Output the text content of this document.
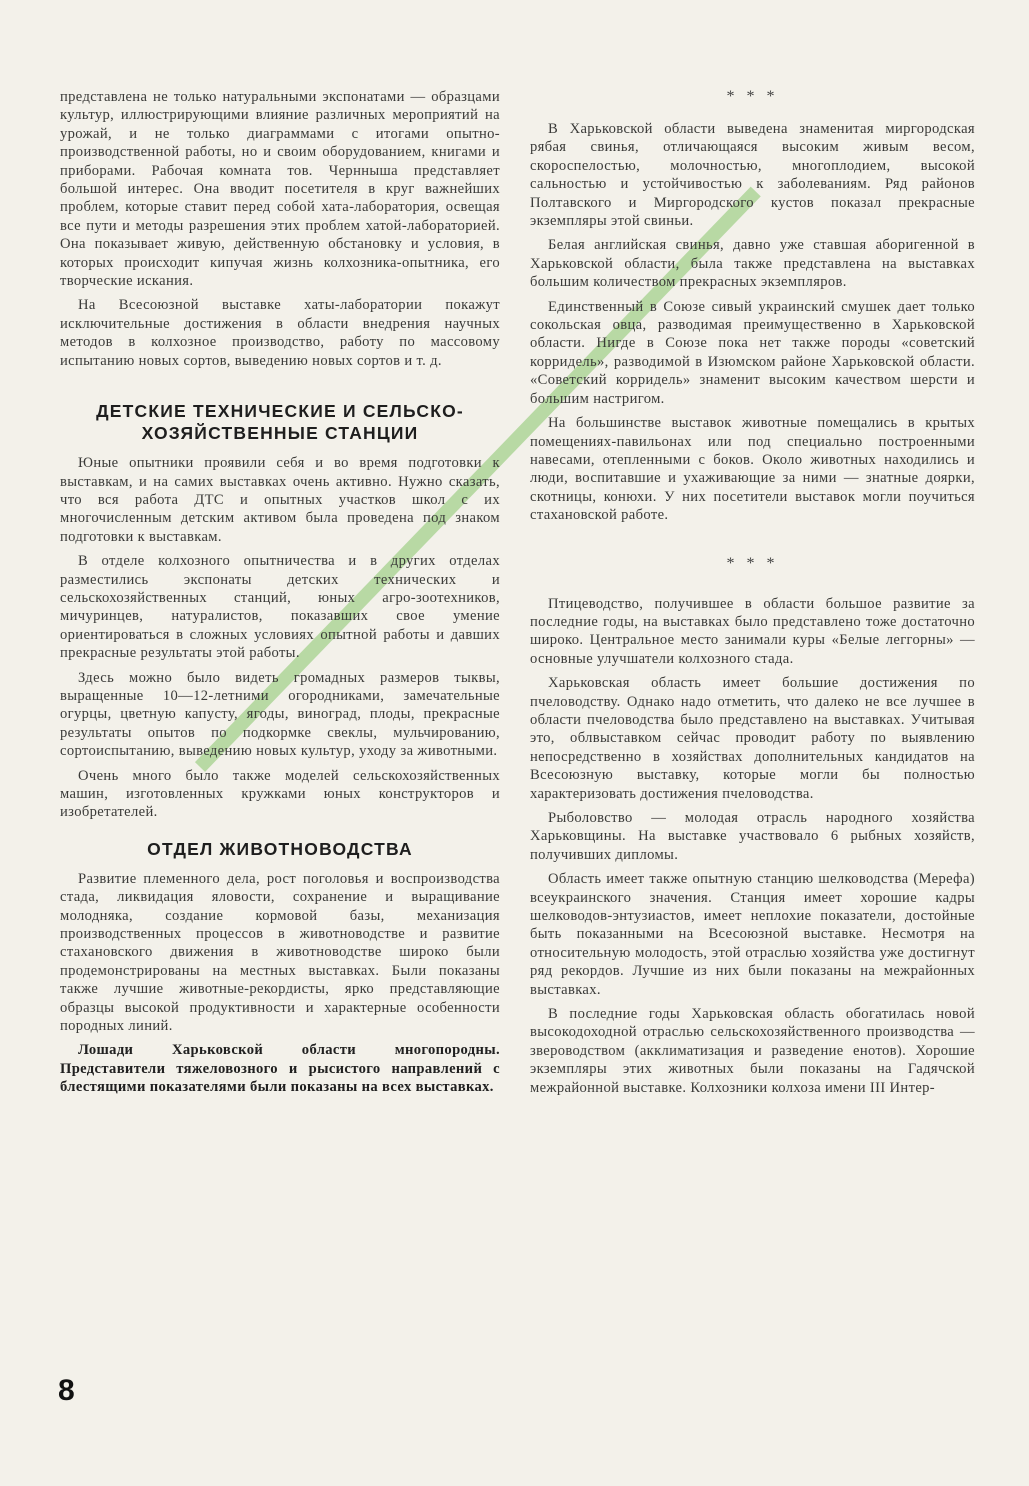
представлена не только натуральными экспонатами — образцами культур, иллюстрирующими влияние различных мероприятий на урожай, и не только диаграммами с итогами опытно-производственной работы, но и своим оборудованием, книгами и приборами. Рабочая комната тов. Чернныша представляет большой интерес. Она вводит посетителя в круг важнейших проблем, которые ставит перед собой хата-лаборатория, освещая все пути и методы разрешения этих проблем хатой-лабораторией. Она показывает живую, действенную обстановку и условия, в которых происходит кипучая жизнь колхозника-опытника, его творческие искания.

На Всесоюзной выставке хаты-лаборатории покажут исключительные достижения в области внедрения научных методов в колхозное производство, работу по массовому испытанию новых сортов, выведению новых сортов и т. д.

ДЕТСКИЕ ТЕХНИЧЕСКИЕ И СЕЛЬСКО-ХОЗЯЙСТВЕННЫЕ СТАНЦИИ

Юные опытники проявили себя и во время подготовки к выставкам, и на самих выставках очень активно. Нужно сказать, что вся работа ДТС и опытных участков школ с их многочисленным детским активом была проведена под знаком подготовки к выставкам.

В отделе колхозного опытничества и в других отделах разместились экспонаты детских технических и сельскохозяйственных станций, юных агро-зоотехников, мичуринцев, натуралистов, показавших свое умение ориентироваться в сложных условиях опытной работы и давших прекрасные результаты этой работы.

Здесь можно было видеть громадных размеров тыквы, выращенные 10—12-летними огородниками, замечательные огурцы, цветную капусту, ягоды, виноград, плоды, прекрасные результаты опытов по подкормке свеклы, мульчированию, сортоиспытанию, выведению новых культур, уходу за животными.

Очень много было также моделей сельскохозяйственных машин, изготовленных кружками юных конструкторов и изобретателей.

ОТДЕЛ ЖИВОТНОВОДСТВА

Развитие племенного дела, рост поголовья и воспроизводства стада, ликвидация яловости, сохранение и выращивание молодняка, создание кормовой базы, механизация производственных процессов в животноводстве и развитие стахановского движения в животноводстве широко были продемонстрированы на местных выставках. Были показаны также лучшие животные-рекордисты, ярко представляющие образцы высокой продуктивности и характерные особенности породных линий.

Лошади Харьковской области многопородны. Представители тяжеловозного и рысистого направлений с блестящими показателями были показаны на всех выставках.

* * *

В Харьковской области выведена знаменитая миргородская рябая свинья, отличающаяся высоким живым весом, скороспелостью, молочностью, многоплодием, высокой сальностью и устойчивостью к заболеваниям. Ряд районов Полтавского и Миргородского кустов показал прекрасные экземпляры этой свиньи.

Белая английская свинья, давно уже ставшая аборигенной в Харьковской области, была также представлена на выставках большим количеством прекрасных экземпляров.

Единственный в Союзе сивый украинский смушек дает только сокольская овца, разводимая преимущественно в Харьковской области. Нигде в Союзе пока нет также породы «советский корридель», разводимой в Изюмском районе Харьковской области. «Советский корридель» знаменит высоким качеством шерсти и большим настригом.

На большинстве выставок животные помещались в крытых помещениях-павильонах или под специально построенными навесами, отепленными с боков. Около животных находились и люди, воспитавшие и ухаживающие за ними — знатные доярки, скотницы, конюхи. У них посетители выставок могли поучиться стахановской работе.

* * *

Птицеводство, получившее в области большое развитие за последние годы, на выставках было представлено тоже достаточно широко. Центральное место занимали куры «Белые леггорны» — основные улучшатели колхозного стада.

Харьковская область имеет большие достижения по пчеловодству. Однако надо отметить, что далеко не все лучшее в области пчеловодства было представлено на выставках. Учитывая это, облвыставком сейчас проводит работу по выявлению непосредственно в хозяйствах дополнительных кандидатов на Всесоюзную выставку, которые могли бы полностью характеризовать достижения пчеловодства.

Рыболовство — молодая отрасль народного хозяйства Харьковщины. На выставке участвовало 6 рыбных хозяйств, получивших дипломы.

Область имеет также опытную станцию шелководства (Мерефа) всеукраинского значения. Станция имеет хорошие кадры шелководов-энтузиастов, имеет неплохие показатели, достойные быть показанными на Всесоюзной выставке. Несмотря на относительную молодость, этой отраслью хозяйства уже достигнут ряд рекордов. Лучшие из них были показаны на межрайонных выставках.

В последние годы Харьковская область обогатилась новой высокодоходной отраслью сельскохозяйственного производства — звероводством (акклиматизация и разведение енотов). Хорошие экземпляры этих животных были показаны на Гадячской межрайонной выставке. Колхозники колхоза имени III Интер-

8
